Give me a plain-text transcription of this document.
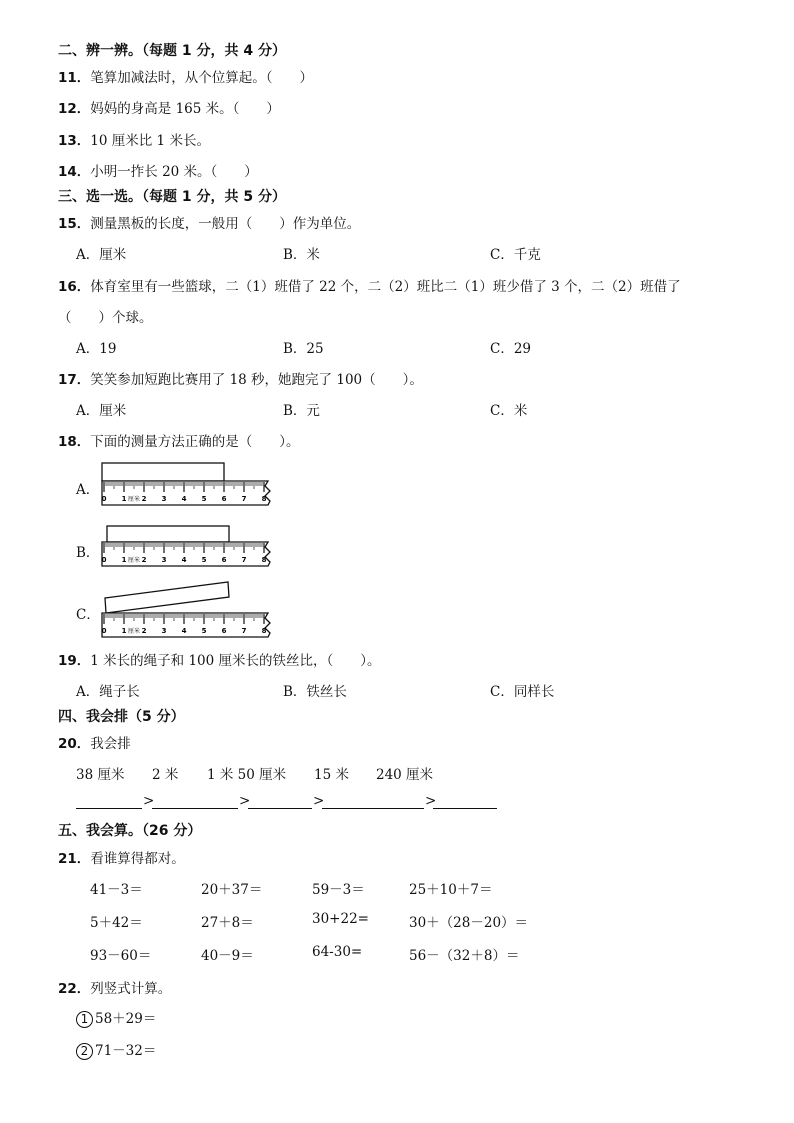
二、辨一辨。（每题 1 分，共 4 分）
11．笔算加减法时，从个位算起。（　　）
12．妈妈的身高是 165 米。（　　）
13．10 厘米比 1 米长。
14．小明一拃长 20 米。（　　）
三、选一选。（每题 1 分，共 5 分）
15．测量黑板的长度，一般用（　　）作为单位。
A．厘米	B．米	C．千克
16．体育室里有一些篮球，二（1）班借了 22 个，二（2）班比二（1）班少借了 3 个，二（2）班借了
（　　）个球。
A．19	B．25	C．29
17．笑笑参加短跑比赛用了 18 秒，她跑完了 100（　　）。
A．厘米	B．元	C．米
18．下面的测量方法正确的是（　　）。
A．
B．
C．
0 1 2 3 4 5 6 7 8
厘米
0 1 2 3 4 5 6 7 8
厘米
0 1 2 3 4 5 6 7 8
厘米
19．1 米长的绳子和 100 厘米长的铁丝比，（　　）。
A．绳子长	B．铁丝长	C．同样长
四、我会排（5 分）
20．我会排
38 厘米 2 米 1 米 50 厘米 15 米 240 厘米
>	>	>	>
五、我会算。（26 分）
21．看谁算得都对。
41－3＝	20＋37＝	59－3＝	25＋10＋7＝
5＋42＝	27＋8＝	30+22=	30＋（28－20）＝
93－60＝	40－9＝	64-30=	56－（32＋8）＝
22．列竖式计算。
1 58＋29＝
2 71－32＝
